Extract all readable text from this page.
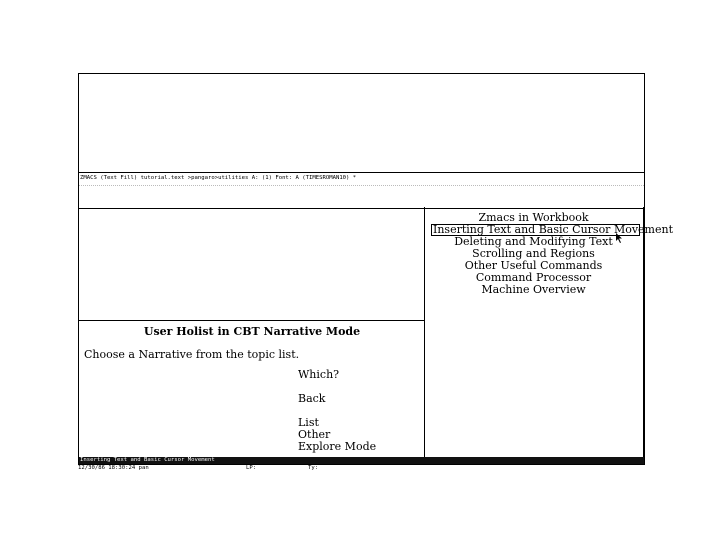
ZMACS (Text Fill) tutorial.text >pangaro>utilities A: (1) Font: A (TIMESROMAN10) *
User Holist in CBT Narrative Mode
Choose a Narrative from the topic list.
Which?
Back
List
Other
Explore Mode
Zmacs in Workbook
Inserting Text and Basic Cursor Movement
Deleting and Modifying Text
Scrolling and Regions
Other Useful Commands
Command Processor
Machine Overview
Inserting Text and Basic Cursor Movement
12/30/86 18:30:24 pan	LP:	Ty:
